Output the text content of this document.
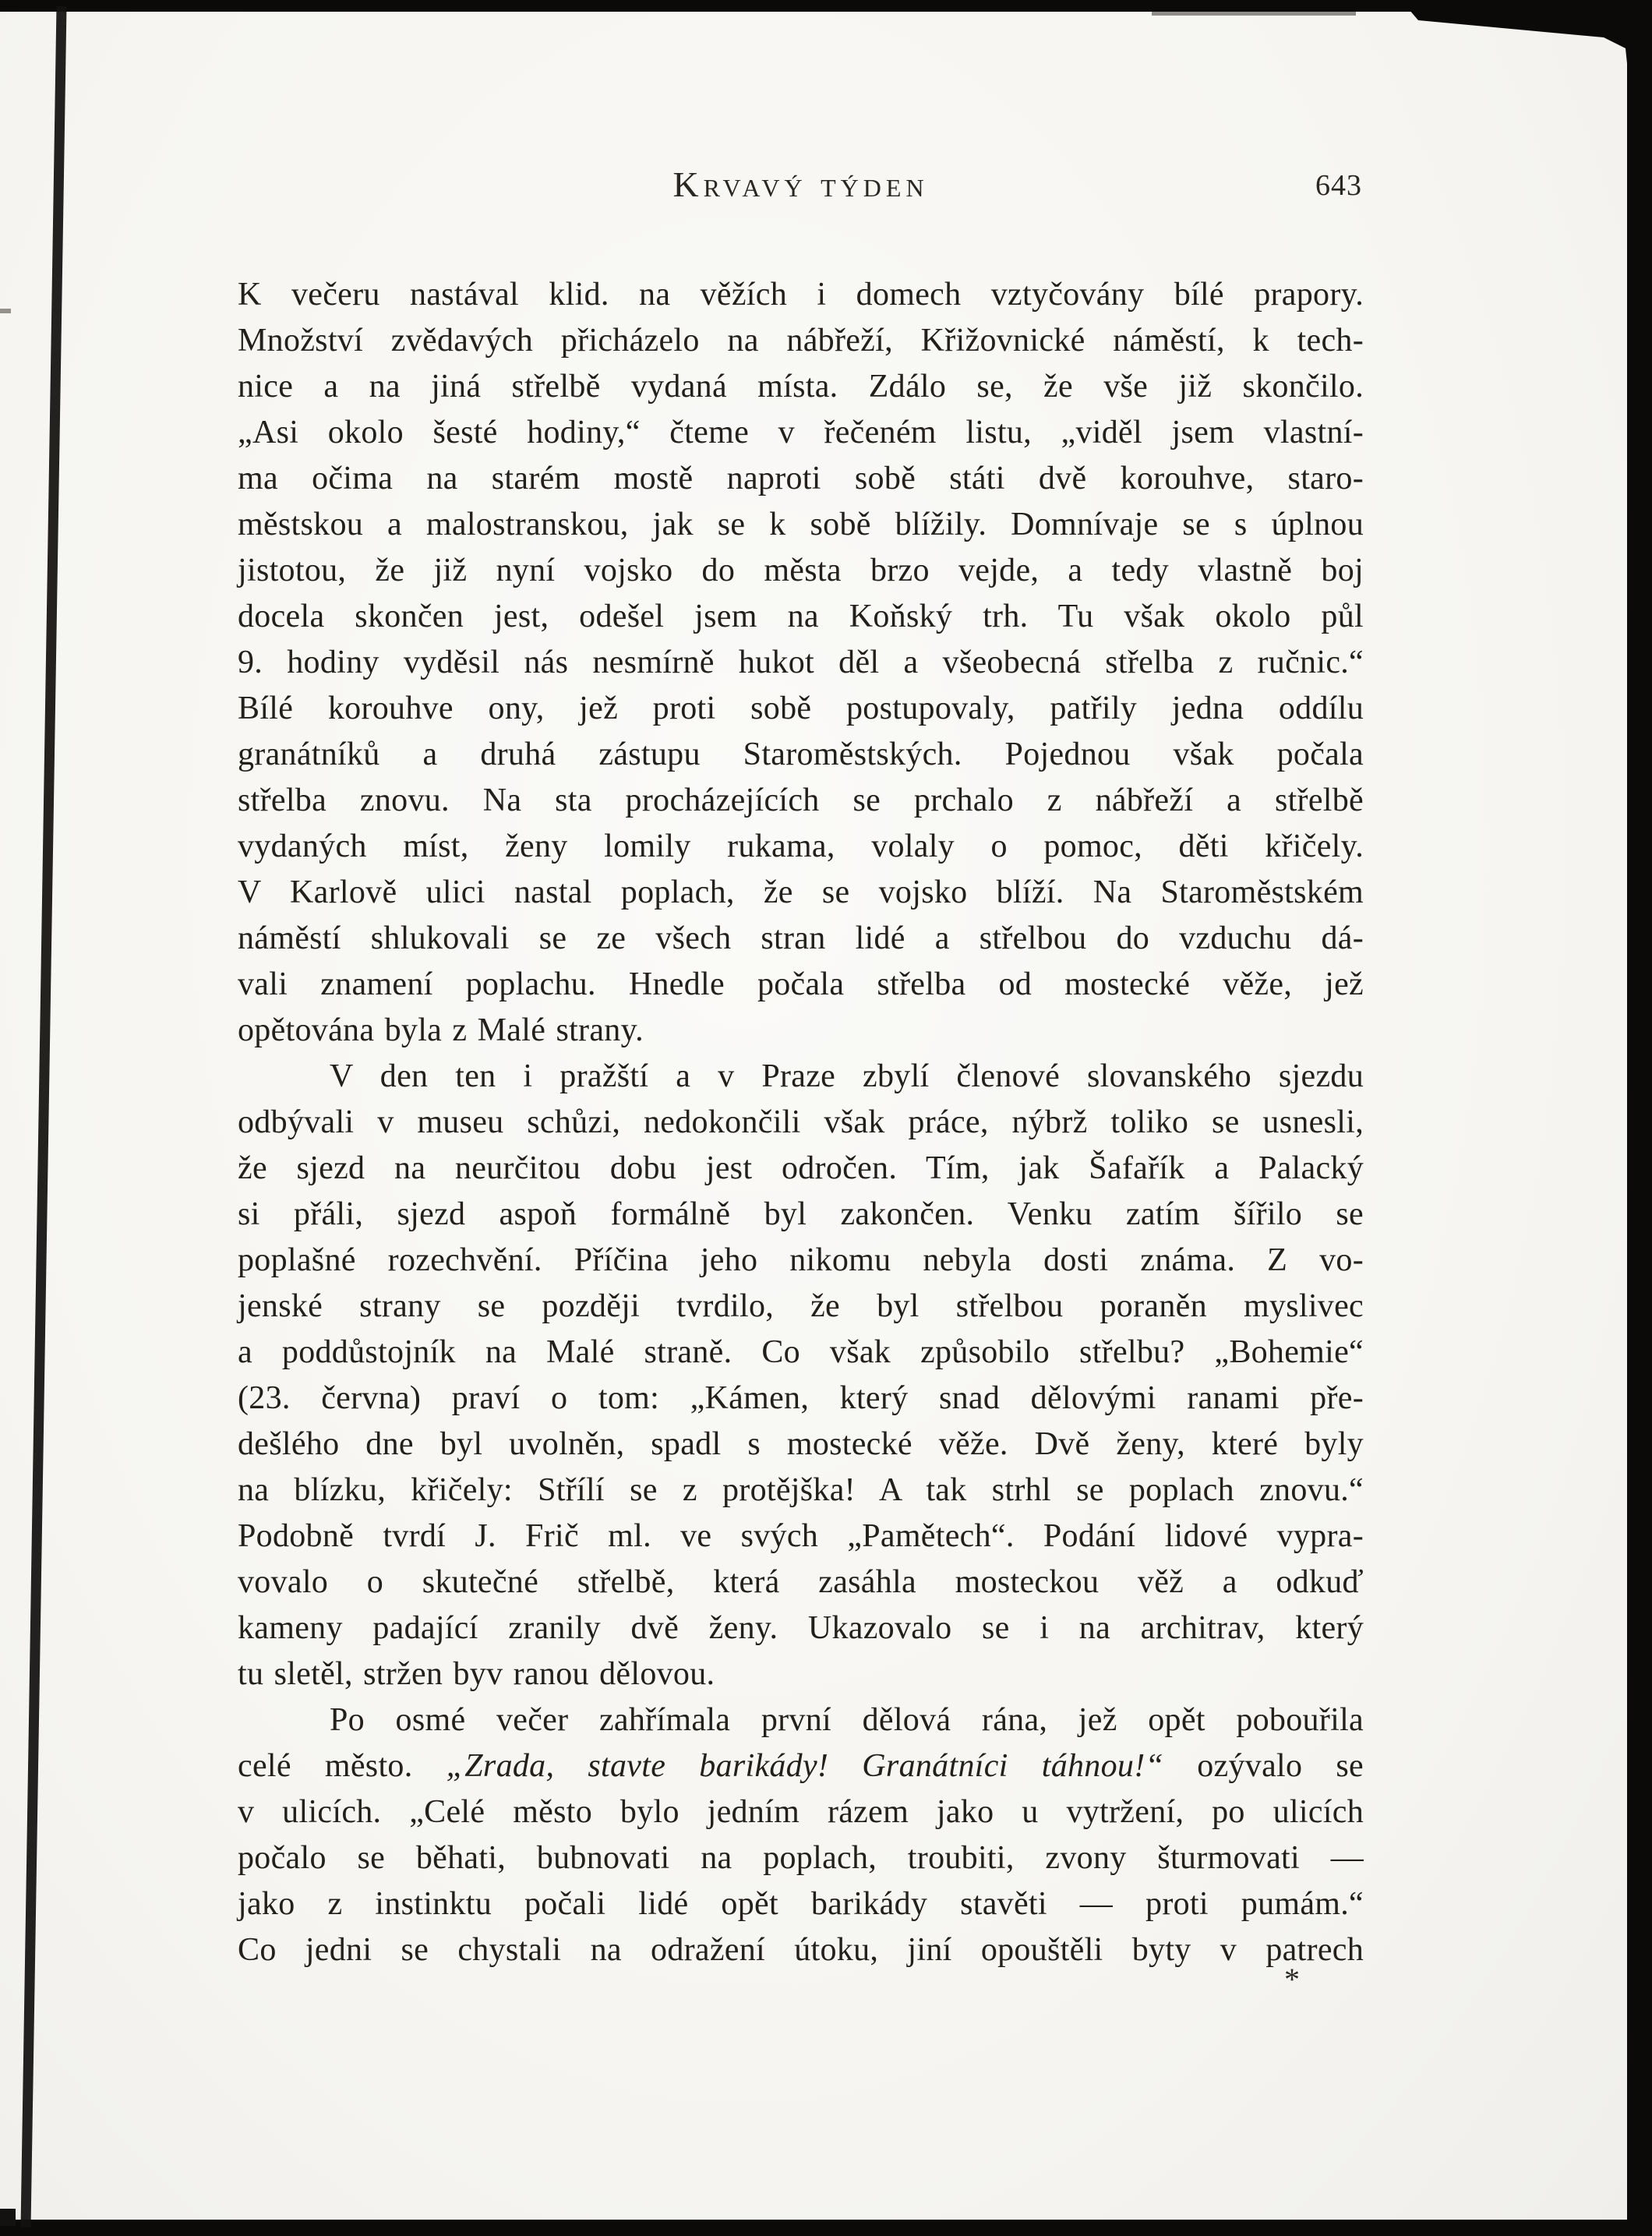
Krvavý týden	643
K večeru nastával klid. na věžích i domech vztyčovány bílé prapory.
Množství zvědavých přicházelo na nábřeží, Křižovnické náměstí, k tech-
nice a na jiná střelbě vydaná místa. Zdálo se, že vše již skončilo.
„Asi okolo šesté hodiny,“ čteme v řečeném listu, „viděl jsem vlastní-
ma očima na starém mostě naproti sobě státi dvě korouhve, staro-
městskou a malostranskou, jak se k sobě blížily. Domnívaje se s úplnou
jistotou, že již nyní vojsko do města brzo vejde, a tedy vlastně boj
docela skončen jest, odešel jsem na Koňský trh. Tu však okolo půl
9. hodiny vyděsil nás nesmírně hukot děl a všeobecná střelba z ručnic.“
Bílé korouhve ony, jež proti sobě postupovaly, patřily jedna oddílu
granátníků a druhá zástupu Staroměstských. Pojednou však počala
střelba znovu. Na sta procházejících se prchalo z nábřeží a střelbě
vydaných míst, ženy lomily rukama, volaly o pomoc, děti křičely.
V Karlově ulici nastal poplach, že se vojsko blíží. Na Staroměstském
náměstí shlukovali se ze všech stran lidé a střelbou do vzduchu dá-
vali znamení poplachu. Hnedle počala střelba od mostecké věže, jež
opětována byla z Malé strany.
V den ten i pražští a v Praze zbylí členové slovanského sjezdu
odbývali v museu schůzi, nedokončili však práce, nýbrž toliko se usnesli,
že sjezd na neurčitou dobu jest odročen. Tím, jak Šafařík a Palacký
si přáli, sjezd aspoň formálně byl zakončen. Venku zatím šířilo se
poplašné rozechvění. Příčina jeho nikomu nebyla dosti známa. Z vo-
jenské strany se později tvrdilo, že byl střelbou poraněn myslivec
a poddůstojník na Malé straně. Co však způsobilo střelbu? „Bohemie“
(23. června) praví o tom: „Kámen, který snad dělovými ranami pře-
dešlého dne byl uvolněn, spadl s mostecké věže. Dvě ženy, které byly
na blízku, křičely: Střílí se z protějška! A tak strhl se poplach znovu.“
Podobně tvrdí J. Frič ml. ve svých „Pamětech“. Podání lidové vypra-
vovalo o skutečné střelbě, která zasáhla mosteckou věž a odkuď
kameny padající zranily dvě ženy. Ukazovalo se i na architrav, který
tu sletěl, stržen byv ranou dělovou.
Po osmé večer zahřímala první dělová rána, jež opět pobouřila
celé město. „Zrada, stavte barikády! Granátníci táhnou!“ ozývalo se
v ulicích. „Celé město bylo jedním rázem jako u vytržení, po ulicích
počalo se běhati, bubnovati na poplach, troubiti, zvony šturmovati —
jako z instinktu počali lidé opět barikády stavěti — proti pumám.“
Co jedni se chystali na odražení útoku, jiní opouštěli byty v patrech
*
